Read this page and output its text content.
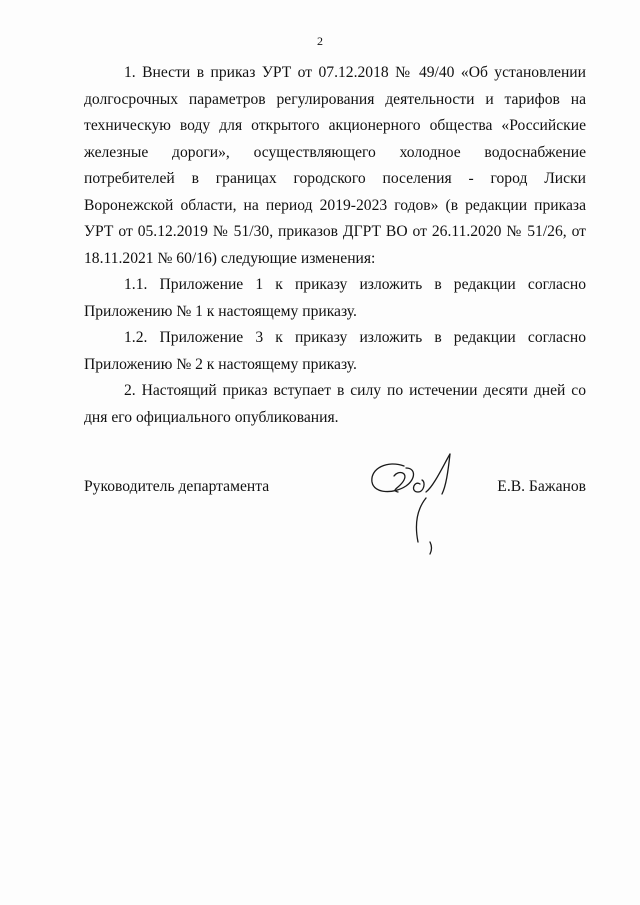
2

1. Внести в приказ УРТ от 07.12.2018 № 49/40 «Об установлении долгосрочных параметров регулирования деятельности и тарифов на техническую воду для открытого акционерного общества «Российские железные дороги», осуществляющего холодное водоснабжение потребителей в границах городского поселения - город Лиски Воронежской области, на период 2019-2023 годов» (в редакции приказа УРТ от 05.12.2019 № 51/30, приказов ДГРТ ВО от 26.11.2020 № 51/26, от 18.11.2021 № 60/16) следующие изменения:

1.1. Приложение 1 к приказу изложить в редакции согласно Приложению № 1 к настоящему приказу.

1.2. Приложение 3 к приказу изложить в редакции согласно Приложению № 2 к настоящему приказу.

2. Настоящий приказ вступает в силу по истечении десяти дней со дня его официального опубликования.

Руководитель департамента	Е.В. Бажанов
